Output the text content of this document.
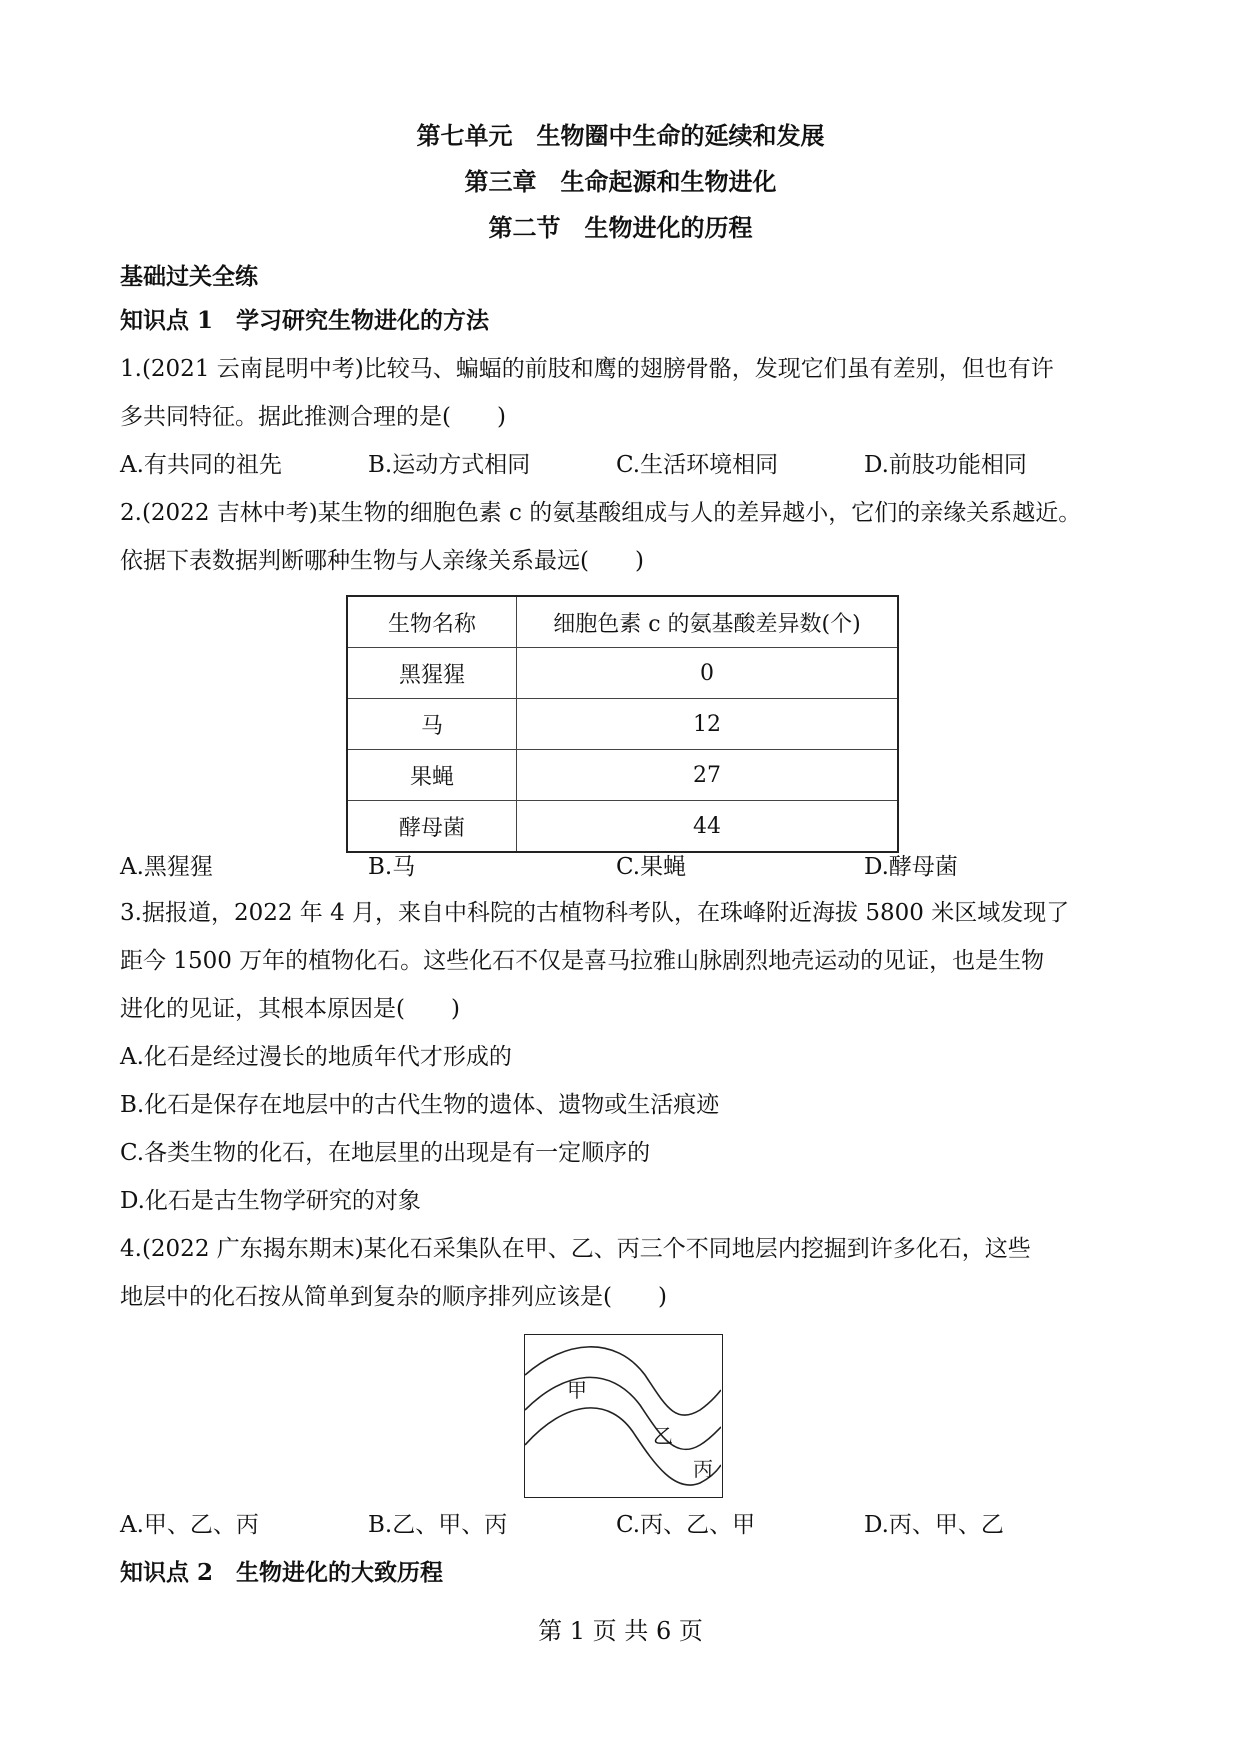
第七单元　生物圈中生命的延续和发展
第三章　生命起源和生物进化
第二节　生物进化的历程
基础过关全练
知识点 1　学习研究生物进化的方法
1.(2021 云南昆明中考)比较马、蝙蝠的前肢和鹰的翅膀骨骼，发现它们虽有差别，但也有许
多共同特征。据此推测合理的是(　　)
A.有共同的祖先	B.运动方式相同	C.生活环境相同	D.前肢功能相同
2.(2022 吉林中考)某生物的细胞色素 c 的氨基酸组成与人的差异越小，它们的亲缘关系越近。
依据下表数据判断哪种生物与人亲缘关系最远(　　)
生物名称	细胞色素 c 的氨基酸差异数(个)
黑猩猩	0
马	12
果蝇	27
酵母菌	44
A.黑猩猩	B.马	C.果蝇	D.酵母菌
3.据报道，2022 年 4 月，来自中科院的古植物科考队，在珠峰附近海拔 5800 米区域发现了
距今 1500 万年的植物化石。这些化石不仅是喜马拉雅山脉剧烈地壳运动的见证，也是生物
进化的见证，其根本原因是(　　)
A.化石是经过漫长的地质年代才形成的
B.化石是保存在地层中的古代生物的遗体、遗物或生活痕迹
C.各类生物的化石，在地层里的出现是有一定顺序的
D.化石是古生物学研究的对象
4.(2022 广东揭东期末)某化石采集队在甲、乙、丙三个不同地层内挖掘到许多化石，这些
地层中的化石按从简单到复杂的顺序排列应该是(　　)
甲
乙
丙
A.甲、乙、丙	B.乙、甲、丙	C.丙、乙、甲	D.丙、甲、乙
知识点 2　生物进化的大致历程
第 1 页 共 6 页
